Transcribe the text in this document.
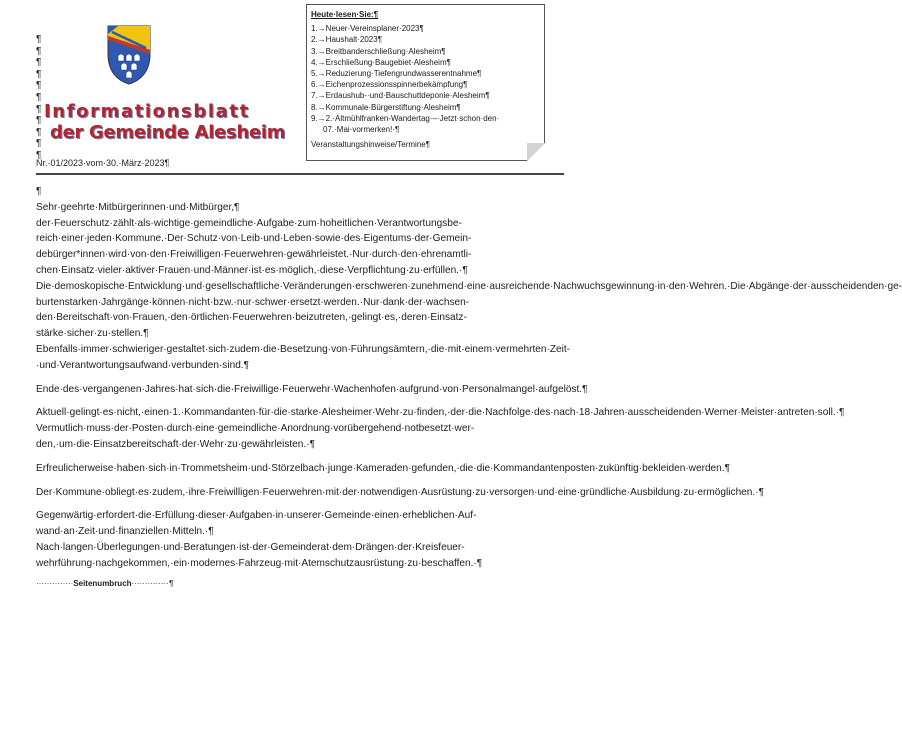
¶
¶
¶
¶
¶
¶
¶
¶
¶
¶
¶
Informationsblatt
der Gemeinde Alesheim
Nr.·01/2023·vom·30.·März·2023¶
Heute·lesen·Sie:¶
1.→Neuer·Vereinsplaner·2023¶
2.→Haushalt·2023¶
3.→Breitbanderschließung·Alesheim¶
4.→Erschließung·Baugebiet·Alesheim¶
5.→Reduzierung·Tiefengrundwasserentnahme¶
6.→Eichenprozessionsspinnerbekämpfung¶
7.→Erdaushub-·und·Bauschuttdeponie·Alesheim¶
8.→Kommunale·Bürgerstiftung·Alesheim¶
9.→2.·Altmühlfranken-Wandertag·–·Jetzt·schon·den·
07.·Mai·vormerken!·¶
Veranstaltungshinweise/Termine¶

¶

Sehr·geehrte·Mitbürgerinnen·und·Mitbürger,¶

der·Feuerschutz·zählt·als·wichtige·gemeindliche·Aufgabe·zum·hoheitlichen·Verantwortungsbereich·einer·jeden·Kommune.·Der·Schutz·von·Leib·und·Leben·sowie·des·Eigentums·der·Gemeindebürger*innen·wird·von·den·Freiwilligen·Feuerwehren·gewährleistet.·Nur·durch·den·ehrenamtlichen·Einsatz·vieler·aktiver·Frauen·und·Männer·ist·es·möglich,·diese·Verpflichtung·zu·erfüllen.·¶

Die·demoskopische·Entwicklung·und·gesellschaftliche·Veränderungen·erschweren·zunehmend·eine·ausreichende·Nachwuchsgewinnung·in·den·Wehren.·Die·Abgänge·der·ausscheidenden·geburtenstarken·Jahrgänge·können·nicht·bzw.·nur·schwer·ersetzt·werden.·Nur·dank·der·wachsenden·Bereitschaft·von·Frauen,·den·örtlichen·Feuerwehren·beizutreten,·gelingt·es,·deren·Einsatzstärke·sicher·zu·stellen.¶

Ebenfalls·immer·schwieriger·gestaltet·sich·zudem·die·Besetzung·von·Führungsämtern,·die·mit·einem·vermehrten·Zeit-·und·Verantwortungsaufwand·verbunden·sind.¶

Ende·des·vergangenen·Jahres·hat·sich·die·Freiwillige·Feuerwehr·Wachenhofen·aufgrund·von·Personalmangel·aufgelöst.¶

Aktuell·gelingt·es·nicht,·einen·1.·Kommandanten·für·die·starke·Alesheimer·Wehr·zu·finden,·der·die·Nachfolge·des·nach·18·Jahren·ausscheidenden·Werner·Meister·antreten·soll.·¶

Vermutlich·muss·der·Posten·durch·eine·gemeindliche·Anordnung·vorübergehend·notbesetzt·werden,·um·die·Einsatzbereitschaft·der·Wehr·zu·gewährleisten.·¶

Erfreulicherweise·haben·sich·in·Trommetsheim·und·Störzelbach·junge·Kameraden·gefunden,·die·die·Kommandantenposten·zukünftig·bekleiden·werden.¶

Der·Kommune·obliegt·es·zudem,·ihre·Freiwilligen·Feuerwehren·mit·der·notwendigen·Ausrüstung·zu·versorgen·und·eine·gründliche·Ausbildung·zu·ermöglichen.·¶

Gegenwärtig·erfordert·die·Erfüllung·dieser·Aufgaben·in·unserer·Gemeinde·einen·erheblichen·Aufwand·an·Zeit·und·finanziellen·Mitteln.·¶

Nach·langen·Überlegungen·und·Beratungen·ist·der·Gemeinderat·dem·Drängen·der·Kreisfeuerwehrführung·nachgekommen,·ein·modernes·Fahrzeug·mit·Atemschutzausrüstung·zu·beschaffen.·¶

··············Seitenumbruch··············¶
